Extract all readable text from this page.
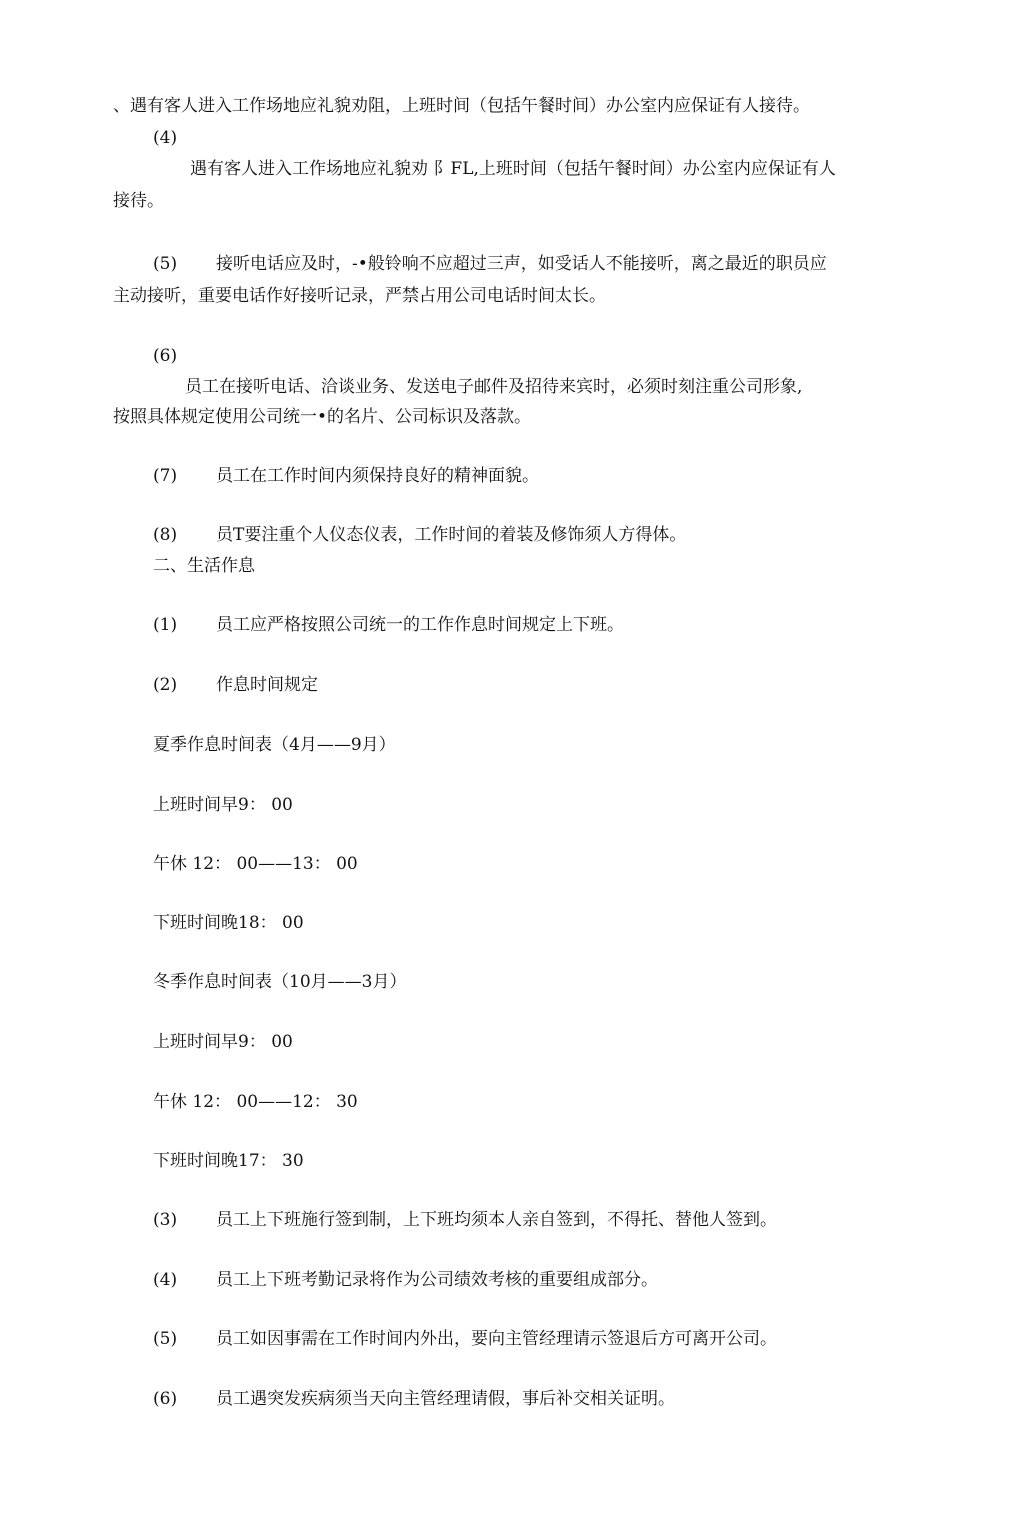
、遇有客人进入工作场地应礼貌劝阻，上班时间（包括午餐时间）办公室内应保证有人接待。
(4)
遇有客人进入工作场地应礼貌劝 阝FL,上班时间（包括午餐时间）办公室内应保证有人
接待。
(5) 接听电话应及时，-•般铃响不应超过三声，如受话人不能接听，离之最近的职员应
主动接听，重要电话作好接听记录，严禁占用公司电话时间太长。
(6)
员工在接听电话、洽谈业务、发送电子邮件及招待来宾时，必须时刻注重公司形象,
按照具体规定使用公司统一•的名片、公司标识及落款。
(7) 员工在工作时间内须保持良好的精神面貌。
(8) 员T要注重个人仪态仪表，工作时间的着装及修饰须人方得体。
二、生活作息
(1) 员工应严格按照公司统一的工作作息时间规定上下班。
(2) 作息时间规定
夏季作息时间表（4月——9月）
上班时间早9： 00
午休 12： 00——13： 00
下班时间晚18： 00
冬季作息时间表（10月——3月）
上班时间早9： 00
午休 12： 00——12： 30
下班时间晚17： 30
(3) 员工上下班施行签到制，上下班均须本人亲自签到，不得托、替他人签到。
(4) 员工上下班考勤记录将作为公司绩效考核的重要组成部分。
(5) 员工如因事需在工作时间内外出，要向主管经理请示签退后方可离开公司。
(6) 员工遇突发疾病须当天向主管经理请假，事后补交相关证明。
